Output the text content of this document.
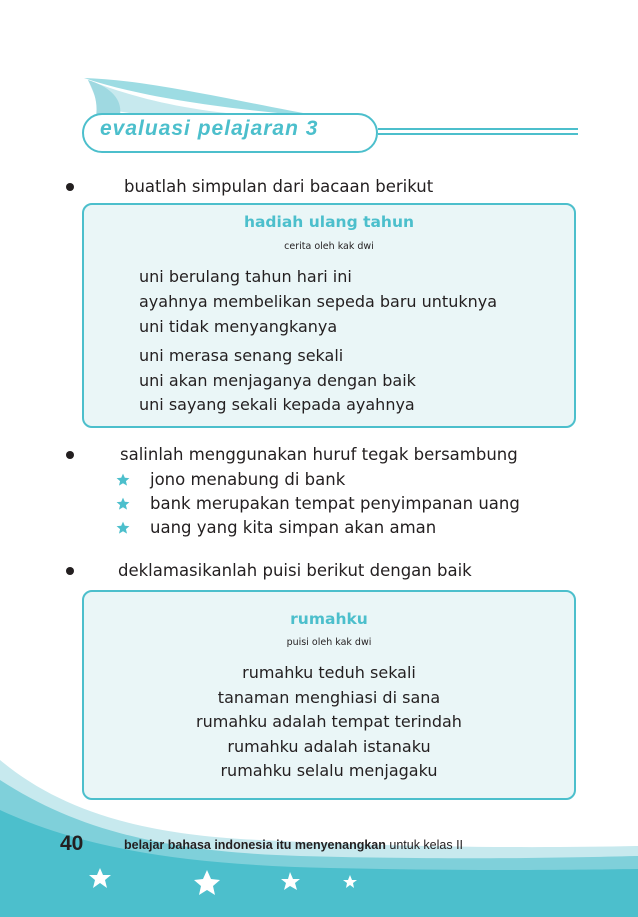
evaluasi pelajaran 3
buatlah simpulan dari bacaan berikut
hadiah ulang tahun
cerita oleh kak dwi
uni berulang tahun hari ini
ayahnya membelikan sepeda baru untuknya
uni tidak menyangkanya
uni merasa senang sekali
uni akan menjaganya dengan baik
uni sayang sekali kepada ayahnya
salinlah menggunakan huruf tegak bersambung
jono menabung di bank
bank merupakan tempat penyimpanan uang
uang yang kita simpan akan aman
deklamasikanlah puisi berikut dengan baik
rumahku
puisi oleh kak dwi
rumahku teduh sekali
tanaman menghiasi di sana
rumahku adalah tempat terindah
rumahku adalah istanaku
rumahku selalu menjagaku
40	belajar bahasa indonesia itu menyenangkan untuk kelas II
